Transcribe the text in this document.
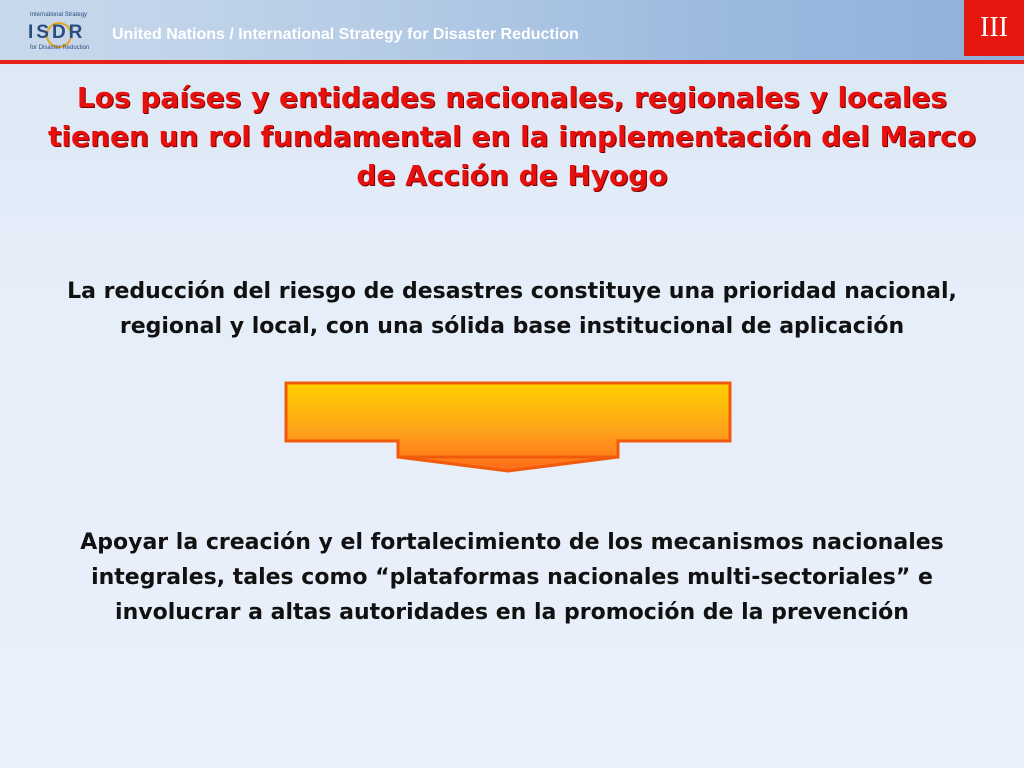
International Strategy
ISDR
for Disaster Reduction
United Nations / International Strategy for Disaster Reduction	III
Los países y entidades nacionales, regionales y locales tienen un rol fundamental en la implementación del Marco de Acción de Hyogo
La reducción del riesgo de desastres constituye una prioridad nacional, regional y local, con una sólida base institucional de aplicación
Apoyar la creación y el fortalecimiento de los mecanismos nacionales integrales, tales como “plataformas nacionales multi-sectoriales” e involucrar a altas autoridades en la promoción de la prevención
